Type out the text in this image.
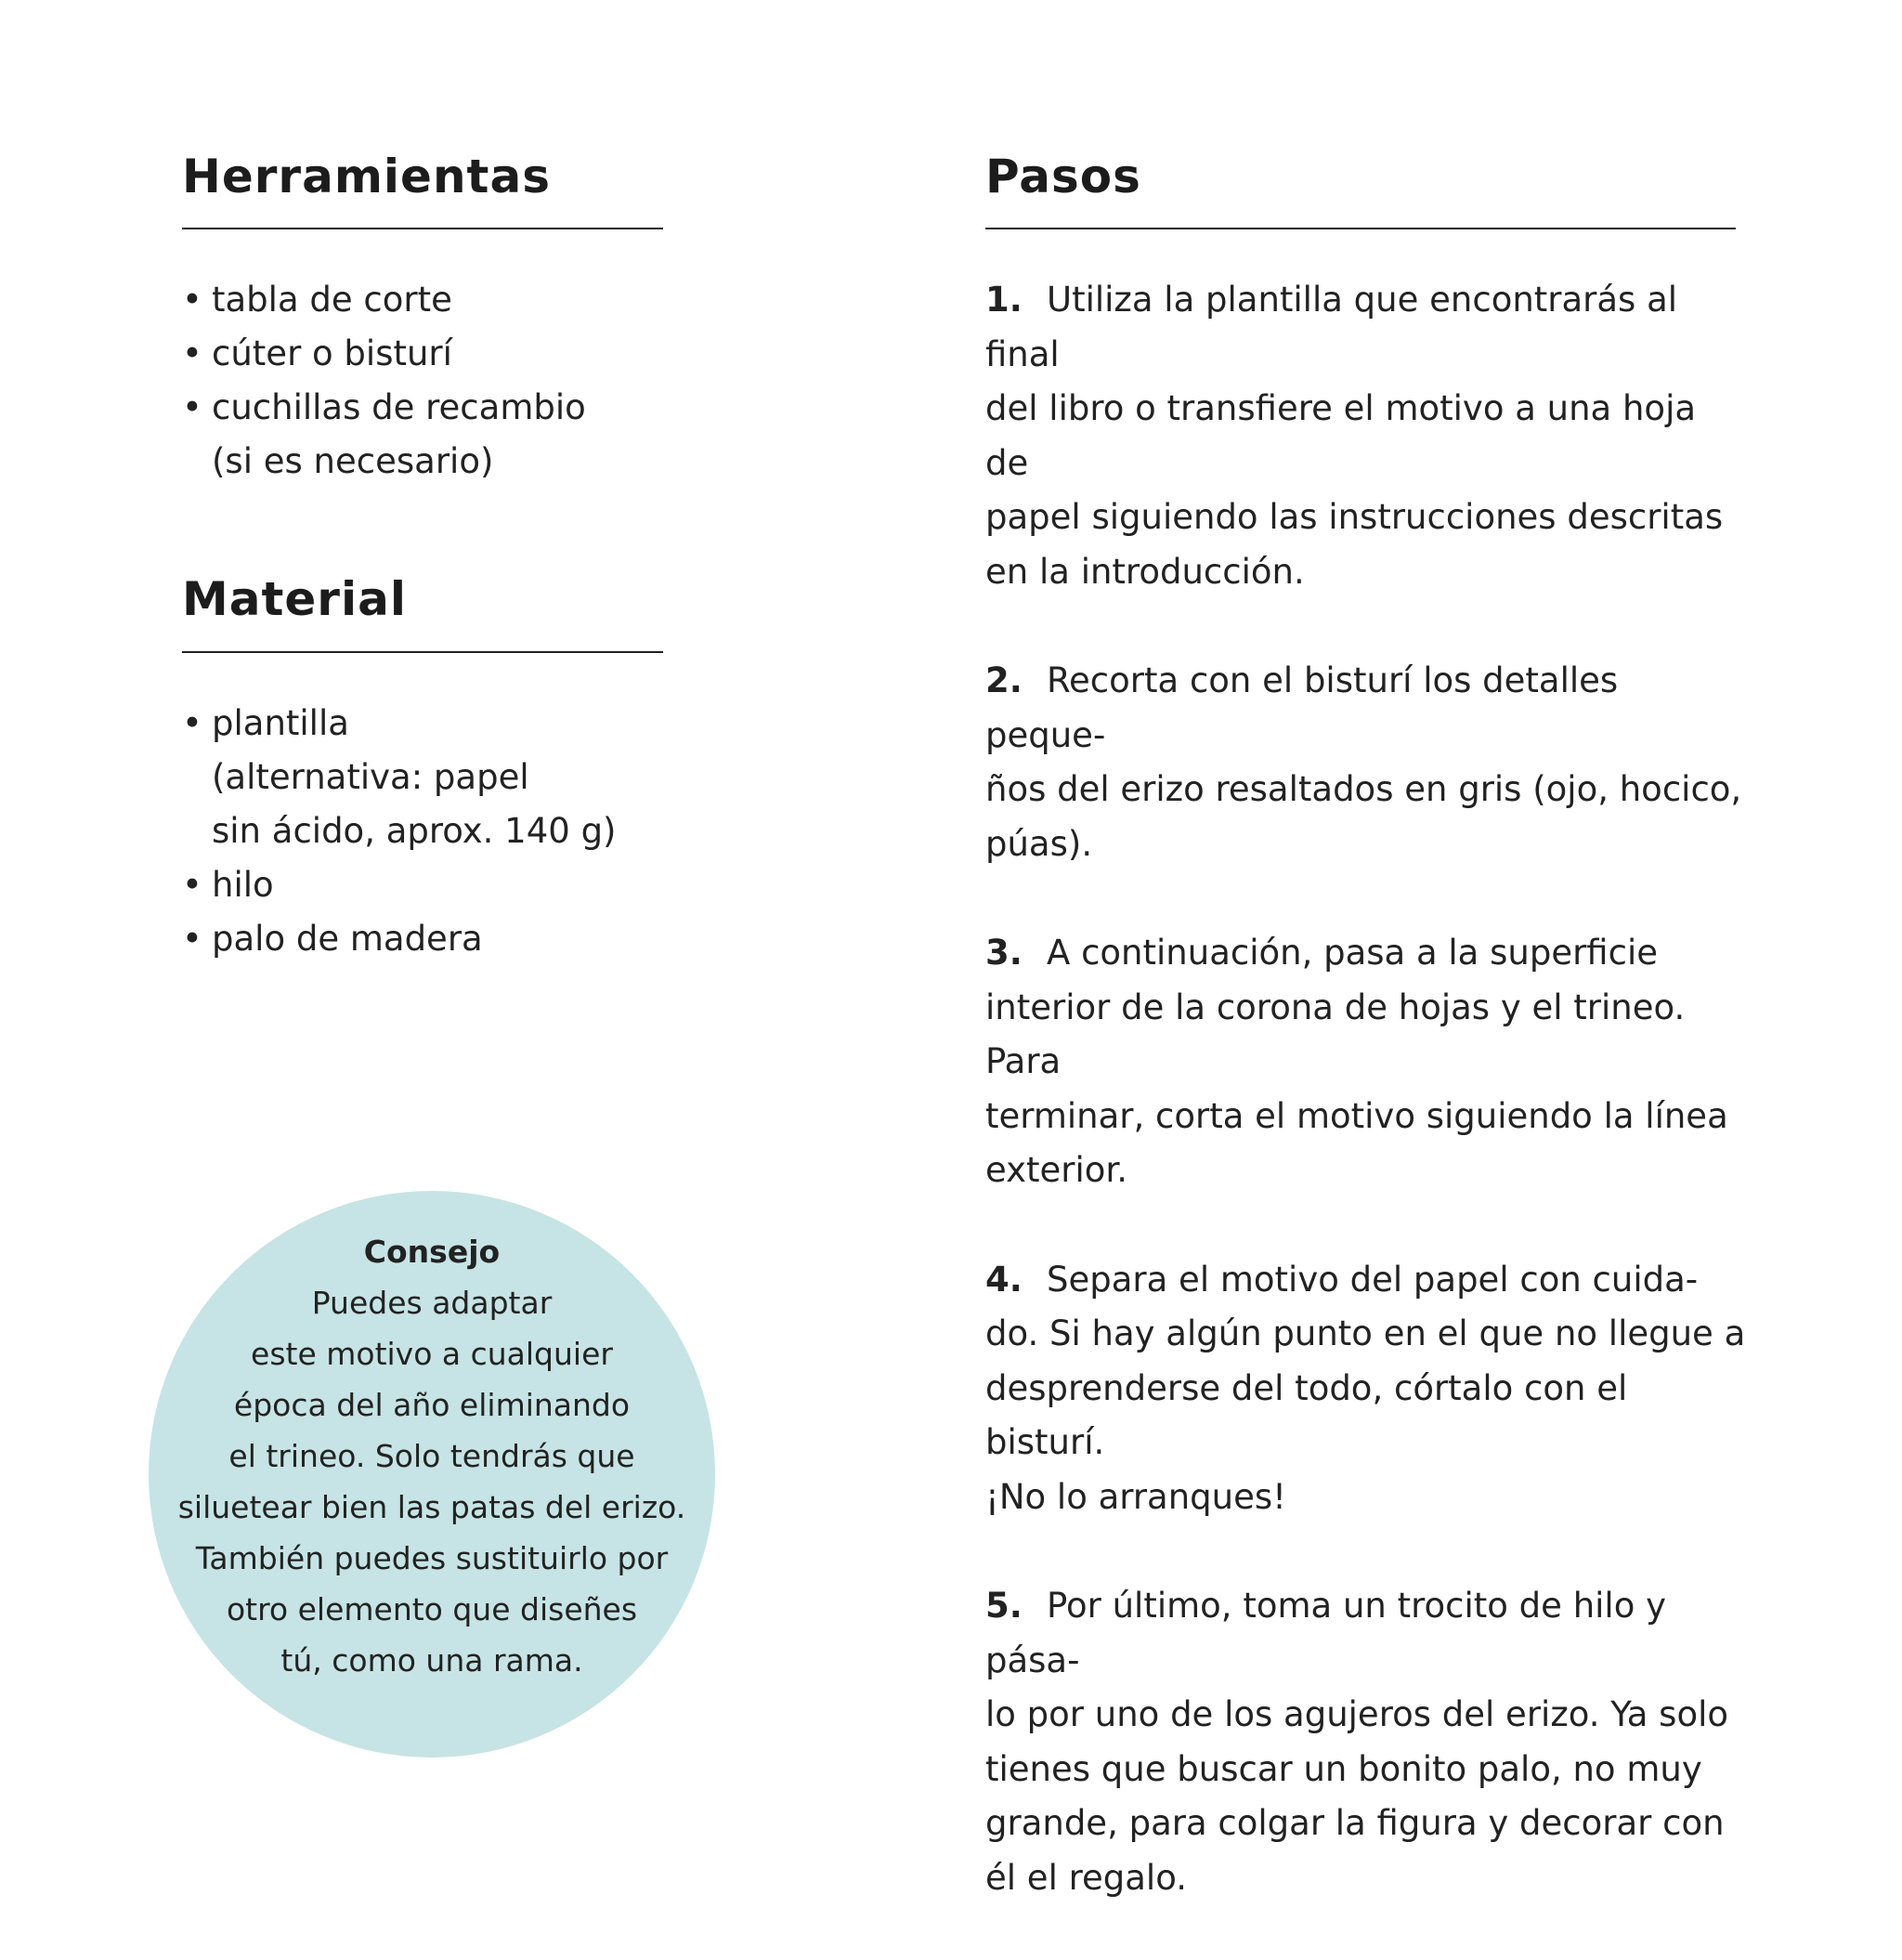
Herramientas
• tabla de corte
• cúter o bisturí
• cuchillas de recambio
(si es necesario)
Material
• plantilla
(alternativa: papel
sin ácido, aprox. 140 g)
• hilo
• palo de madera
Pasos
1. Utiliza la plantilla que encontrarás al final
del libro o transfiere el motivo a una hoja de
papel siguiendo las instrucciones descritas
en la introducción.
2. Recorta con el bisturí los detalles peque-
ños del erizo resaltados en gris (ojo, hocico,
púas).
3. A continuación, pasa a la superficie
interior de la corona de hojas y el trineo. Para
terminar, corta el motivo siguiendo la línea
exterior.
4. Separa el motivo del papel con cuida-
do. Si hay algún punto en el que no llegue a
desprenderse del todo, córtalo con el bisturí.
¡No lo arranques!
5. Por último, toma un trocito de hilo y pása-
lo por uno de los agujeros del erizo. Ya solo
tienes que buscar un bonito palo, no muy
grande, para colgar la figura y decorar con
él el regalo.

Consejo
Puedes adaptar
este motivo a cualquier
época del año eliminando
el trineo. Solo tendrás que
siluetear bien las patas del erizo.
También puedes sustituirlo por
otro elemento que diseñes
tú, como una rama.
